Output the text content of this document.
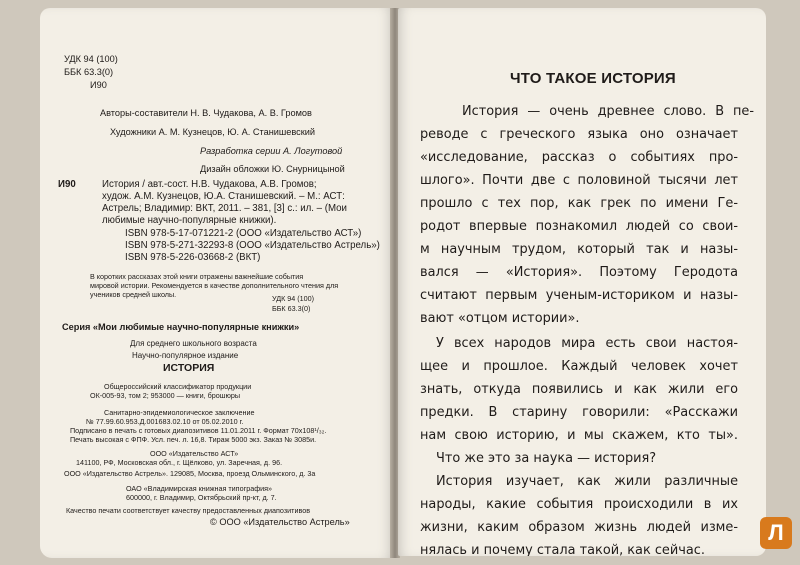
УДК 94 (100)
ББК 63.3(0)
И90
Авторы-составители Н. В. Чудакова, А. В. Громов
Художники А. М. Кузнецов, Ю. А. Станишевский
Разработка серии А. Логутовой
Дизайн обложки Ю. Снурницыной
И90	История / авт.-сост. Н.В. Чудакова, А.В. Громов;
худож. А.М. Кузнецов, Ю.А. Станишевский. – М.: АСТ:
Астрель; Владимир: ВКТ, 2011. – 381, [3] с.: ил. – (Мои
любимые научно-популярные книжки).
ISBN 978-5-17-071221-2 (ООО «Издательство АСТ»)
ISBN 978-5-271-32293-8 (ООО «Издательство Астрель»)
ISBN 978-5-226-03668-2 (ВКТ)
В коротких рассказах этой книги отражены важнейшие события
мировой истории. Рекомендуется в качестве дополнительного чтения для
учеников средней школы.	УДК 94 (100)
ББК 63.3(0)
Серия «Мои любимые научно-популярные книжки»
Для среднего школьного возраста
Научно-популярное издание
ИСТОРИЯ
Общероссийский классификатор продукции
ОК-005-93, том 2; 953000 — книги, брошюры
Санитарно-эпидемиологическое заключение
№ 77.99.60.953.Д.001683.02.10 от 05.02.2010 г.
Подписано в печать с готовых диапозитивов 11.01.2011 г. Формат 70x108¹/₃₂.
Печать высокая с ФПФ. Усл. печ. л. 16,8. Тираж 5000 экз. Заказ № 3085и.
ООО «Издательство АСТ»
141100, РФ, Московская обл., г. Щёлково, ул. Заречная, д. 96.
ООО «Издательство Астрель». 129085, Москва, проезд Ольминского, д. 3а
ОАО «Владимирская книжная типография»
600000, г. Владимир, Октябрьский пр-кт, д. 7.
Качество печати соответствует качеству предоставленных диапозитивов
© ООО «Издательство Астрель»
ЧТО ТАКОЕ ИСТОРИЯ
История — очень древнее слово. В пе-
реводе с греческого языка оно означает
«исследование, рассказ о событиях про-
шлого». Почти две с половиной тысячи лет
прошло с тех пор, как грек по имени Ге-
родот впервые познакомил людей со свои-
м научным трудом, который так и назы-
вался — «История». Поэтому Геродота
считают первым ученым-историком и назы-
вают «отцом истории».
У всех народов мира есть свои настоя-
щее и прошлое. Каждый человек хочет
знать, откуда появились и как жили его
предки. В старину говорили: «Расскажи
нам свою историю, и мы скажем, кто ты».
Что же это за наука — история?
История изучает, как жили различные
народы, какие события происходили в их
жизни, каким образом жизнь людей изме-
нялась и почему стала такой, как сейчас.
Л
